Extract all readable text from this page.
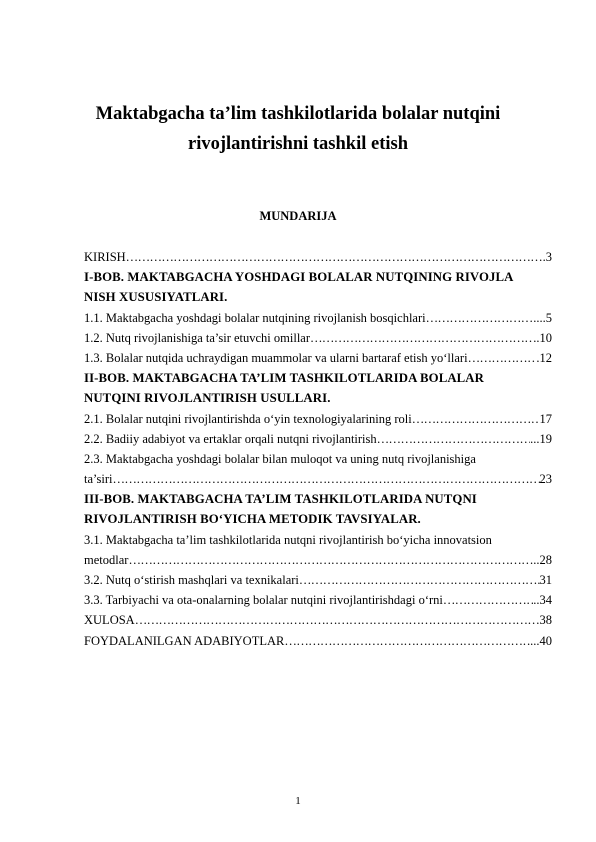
Maktabgacha ta’lim tashkilotlarida bolalar nutqini
rivojlantirishni tashkil etish
MUNDARIJA
KIRISH ………………………………………………………………………………………………………………………………………………………………………………	3
I-BOB. MAKTABGACHA YOSHDAGI BOLALAR NUTQINING RIVOJLA
NISH XUSUSIYATLARI.
1.1. Maktabgacha yoshdagi bolalar nutqining rivojlanish bosqichlari ………………………………………………………………………………………………………………………………………………………………………………	...5
1.2. Nutq rivojlanishiga ta’sir etuvchi omillar ………………………………………………………………………………………………………………………………………………………………………………	..10
1.3. Bolalar nutqida uchraydigan muammolar va ularni bartaraf etish yo‘llari ………………………………………………………………………………………………………………………………………………………………………………	.12
II-BOB. MAKTABGACHA TA’LIM TASHKILOTLARIDA BOLALAR
NUTQINI RIVOJLANTIRISH USULLARI.
2.1. Bolalar nutqini rivojlantirishda o‘yin texnologiyalarining roli ………………………………………………………………………………………………………………………………………………………………………………	17
2.2. Badiiy adabiyot va ertaklar orqali nutqni rivojlantirish ………………………………………………………………………………………………………………………………………………………………………………	...19
2.3. Maktabgacha yoshdagi bolalar bilan muloqot va uning nutq rivojlanishiga
ta’siri ………………………………………………………………………………………………………………………………………………………………………………	23
III-BOB. MAKTABGACHA TA’LIM TASHKILOTLARIDA NUTQNI
RIVOJLANTIRISH BO‘YICHA METODIK TAVSIYALAR.
3.1. Maktabgacha ta’lim tashkilotlarida nutqni rivojlantirish bo‘yicha innovatsion
metodlar ………………………………………………………………………………………………………………………………………………………………………………	..28
3.2. Nutq o‘stirish mashqlari va texnikalari ………………………………………………………………………………………………………………………………………………………………………………	31
3.3. Tarbiyachi va ota-onalarning bolalar nutqini rivojlantirishdagi o‘rni ………………………………………………………………………………………………………………………………………………………………………………	..34
XULOSA ………………………………………………………………………………………………………………………………………………………………………………	38
FOYDALANILGAN ADABIYOTLAR ………………………………………………………………………………………………………………………………………………………………………………	...40
1
